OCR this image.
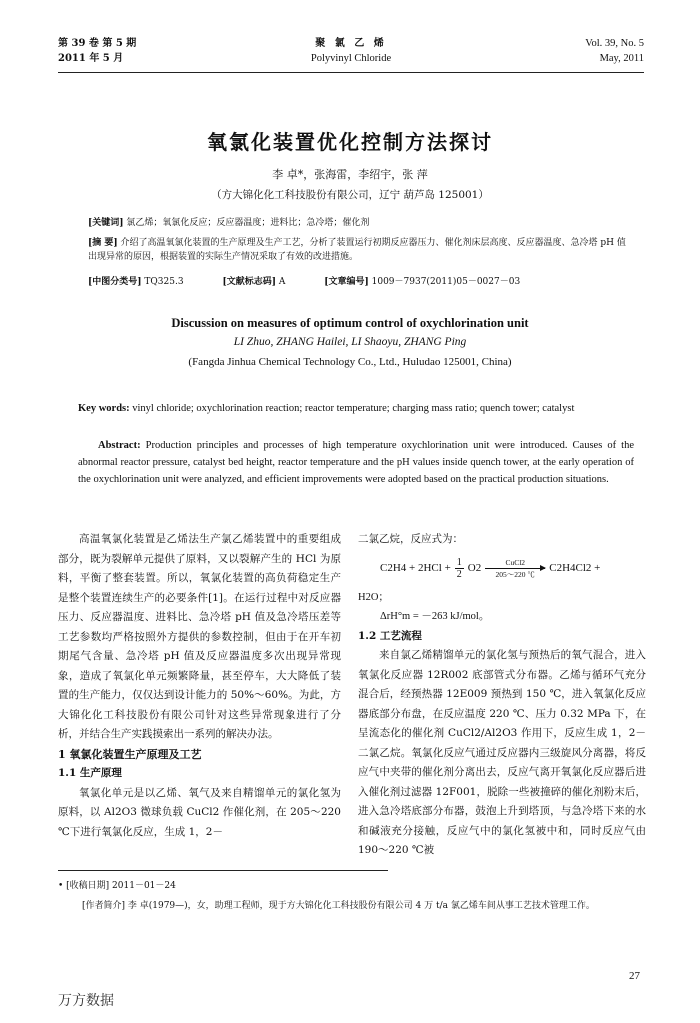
第 39 卷 第 5 期
2011 年 5 月
聚 氯 乙 烯
Polyvinyl Chloride
Vol. 39, No. 5
May, 2011
氧氯化装置优化控制方法探讨
李 卓*，张海雷，李绍宇，张 萍
（方大锦化化工科技股份有限公司，辽宁 葫芦岛 125001）
[关键词] 氯乙烯；氧氯化反应；反应器温度；进料比；急冷塔；催化剂
[摘 要] 介绍了高温氧氯化装置的生产原理及生产工艺，分析了装置运行初期反应器压力、催化剂床层高度、反应器温度、急冷塔 pH 值出现异常的原因，根据装置的实际生产情况采取了有效的改进措施。
[中图分类号] TQ325.3	[文献标志码] A	[文章编号] 1009－7937(2011)05－0027－03
Discussion on measures of optimum control of oxychlorination unit
LI Zhuo, ZHANG Hailei, LI Shaoyu, ZHANG Ping
(Fangda Jinhua Chemical Technology Co., Ltd., Huludao 125001, China)
Key words: vinyl chloride; oxychlorination reaction; reactor temperature; charging mass ratio; quench tower; catalyst
Abstract: Production principles and processes of high temperature oxychlorination unit were introduced. Causes of the abnormal reactor pressure, catalyst bed height, reactor temperature and the pH values inside quench tower, at the early operation of the oxychlorination unit were analyzed, and efficient improvements were adopted based on the practical production situations.

高温氧氯化装置是乙烯法生产氯乙烯装置中的重要组成部分，既为裂解单元提供了原料，又以裂解产生的 HCl 为原料，平衡了整套装置。所以，氧氯化装置的高负荷稳定生产是整个装置连续生产的必要条件[1]。在运行过程中对反应器压力、反应器温度、进料比、急冷塔 pH 值及急冷塔压差等工艺参数均严格按照外方提供的参数控制，但由于在开车初期尾气含量、急冷塔 pH 值及反应器温度多次出现异常现象，造成了氧氯化单元频繁降量，甚至停车，大大降低了装置的生产能力，仅仅达到设计能力的 50%～60%。为此，方大锦化化工科技股份有限公司针对这些异常现象进行了分析，并结合生产实践摸索出一系列的解决办法。

1 氧氯化装置生产原理及工艺

1.1 生产原理

氧氯化单元是以乙烯、氧气及来自精馏单元的氯化氢为原料，以 Al2O3 微球负载 CuCl2 作催化剂，在 205～220 ℃下进行氧氯化反应，生成 1，2－

二氯乙烷，反应式为：

$C2H4 + 2HCl + \frac{1}{2} O2$	CuCl2
205～220 ℃
C2H4Cl2 +

H2O；

ΔrH°m = －263 kJ/mol。

1.2 工艺流程

来自氯乙烯精馏单元的氯化氢与预热后的氧气混合，进入氧氯化反应器 12R002 底部管式分布器。乙烯与循环气充分混合后，经预热器 12E009 预热到 150 ℃，进入氧氯化反应器底部分布盘，在反应温度 220 ℃、压力 0.32 MPa 下，在呈流态化的催化剂 CuCl2/Al2O3 作用下，反应生成 1，2－二氯乙烷。氧氯化反应气通过反应器内三级旋风分离器，将反应气中夹带的催化剂分离出去，反应气离开氧氯化反应器后进入催化剂过滤器 12F001，脱除一些被撞碎的催化剂粉末后，进入急冷塔底部分布器，鼓泡上升到塔顶，与急冷塔下来的水和碱液充分接触，反应气中的氯化氢被中和，同时反应气由 190～220 ℃被

• [收稿日期] 2011－01－24
[作者简介] 李 卓(1979—)，女，助理工程师，现于方大锦化化工科技股份有限公司 4 万 t/a 氯乙烯车间从事工艺技术管理工作。
27
万方数据
